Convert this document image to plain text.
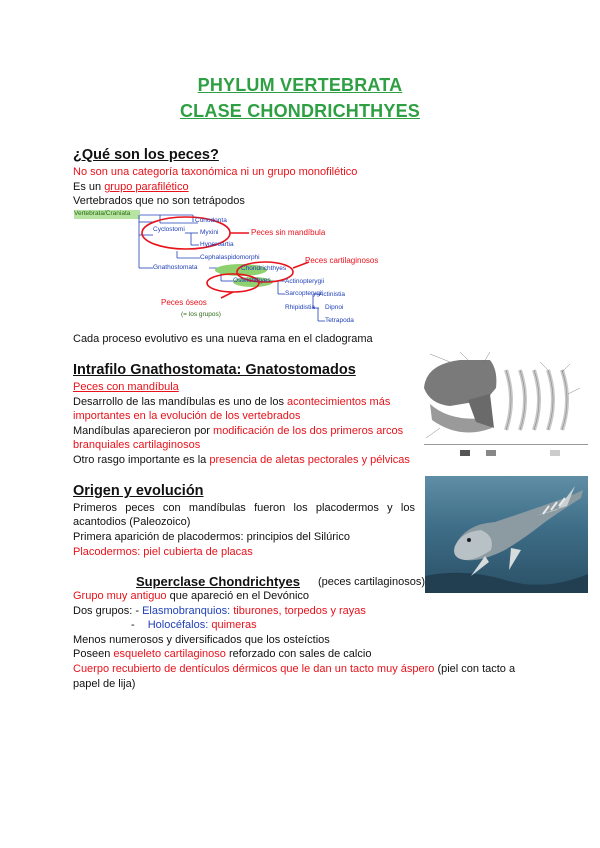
PHYLUM VERTEBRATA
CLASE CHONDRICHTHYES
¿Qué son los peces?
No son una categoría taxonómica ni un grupo monofilético
Es un grupo parafilético
Vertebrados que no son tetrápodos
Vertebrata/Craniata
Conodonta
Cyclostomi Myxini
Hyperoartia
Cephalaspidomorphi
Gnathostomata	Chondrichthyes
Osteichthyes Actinopterygii
Sarcopterygii
Actinistia
Rhipidistia Dipnoi
Tetrapoda
(= los grupos)
Peces sin mandíbula
Peces cartilaginosos
Peces óseos
Cada proceso evolutivo es una nueva rama en el cladograma
Intrafilo Gnathostomata: Gnatostomados
Peces con mandíbula
Desarrollo de las mandíbulas es uno de los acontecimientos más
importantes en la evolución de los vertebrados
Mandíbulas aparecieron por modificación de los dos primeros arcos
branquiales cartilaginosos
Otro rasgo importante es la presencia de aletas pectorales y pélvicas
Origen y evolución
Primeros peces con mandíbulas fueron los placodermos y los acantodios (Paleozoico)
Primera aparición de placodermos: principios del Silúrico
Placodermos: piel cubierta de placas
Superclase Chondrichtyes (peces cartilaginosos)
Grupo muy antiguo que apareció en el Devónico
Dos grupos: - Elasmobranquios: tiburones, torpedos y rayas
- Holocéfalos: quimeras
Menos numerosos y diversificados que los osteíctios
Poseen esqueleto cartilaginoso reforzado con sales de calcio
Cuerpo recubierto de dentículos dérmicos que le dan un tacto muy áspero (piel con tacto a
papel de lija)
